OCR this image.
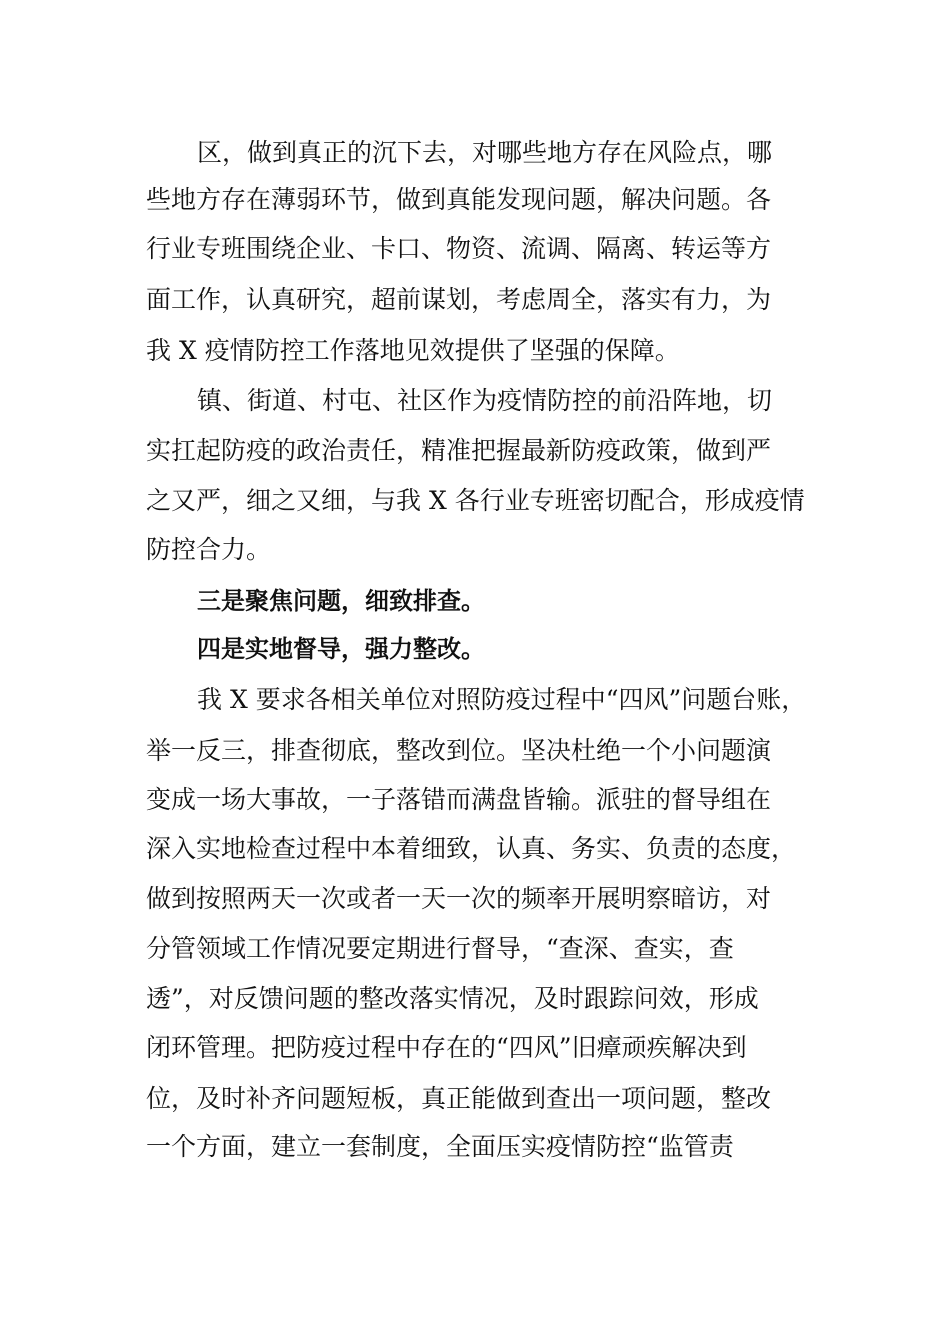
区，做到真正的沉下去，对哪些地方存在风险点，哪
些地方存在薄弱环节，做到真能发现问题，解决问题。各
行业专班围绕企业、卡口、物资、流调、隔离、转运等方
面工作，认真研究，超前谋划，考虑周全，落实有力，为
我 X 疫情防控工作落地见效提供了坚强的保障。
镇、街道、村屯、社区作为疫情防控的前沿阵地，切
实扛起防疫的政治责任，精准把握最新防疫政策，做到严
之又严，细之又细，与我 X 各行业专班密切配合，形成疫情
防控合力。
三是聚焦问题，细致排查。
四是实地督导，强力整改。
我 X 要求各相关单位对照防疫过程中“四风”问题台账，
举一反三，排查彻底，整改到位。坚决杜绝一个小问题演
变成一场大事故，一子落错而满盘皆输。派驻的督导组在
深入实地检查过程中本着细致，认真、务实、负责的态度，
做到按照两天一次或者一天一次的频率开展明察暗访，对
分管领域工作情况要定期进行督导，“查深、查实，查
透”，对反馈问题的整改落实情况，及时跟踪问效，形成
闭环管理。把防疫过程中存在的“四风”旧瘴顽疾解决到
位，及时补齐问题短板，真正能做到查出一项问题，整改
一个方面，建立一套制度，全面压实疫情防控“监管责
